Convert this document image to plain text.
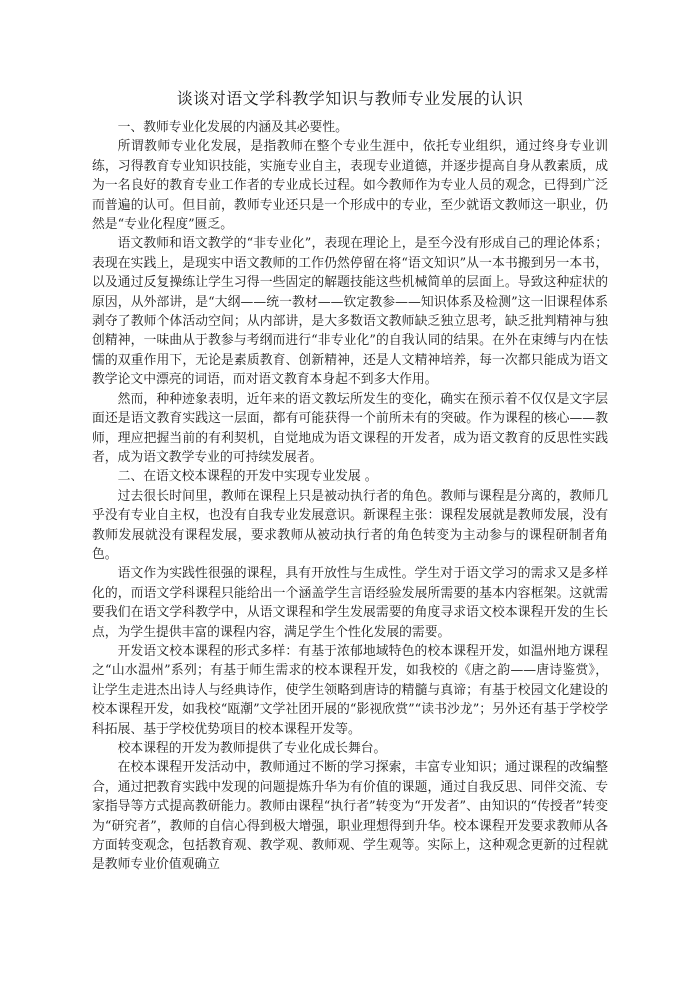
谈谈对语文学科教学知识与教师专业发展的认识

一、教师专业化发展的内涵及其必要性。

所谓教师专业化发展，是指教师在整个专业生涯中，依托专业组织，通过终身专业训练，习得教育专业知识技能，实施专业自主，表现专业道德，并逐步提高自身从教素质，成为一名良好的教育专业工作者的专业成长过程。如今教师作为专业人员的观念，已得到广泛而普遍的认可。但目前，教师专业还只是一个形成中的专业，至少就语文教师这一职业，仍然是“专业化程度”匮乏。

语文教师和语文教学的“非专业化”，表现在理论上，是至今没有形成自己的理论体系；表现在实践上，是现实中语文教师的工作仍然停留在将“语文知识”从一本书搬到另一本书，以及通过反复操练让学生习得一些固定的解题技能这些机械简单的层面上。导致这种症状的原因，从外部讲，是“大纲——统一教材——钦定教参——知识体系及检测”这一旧课程体系剥夺了教师个体活动空间；从内部讲，是大多数语文教师缺乏独立思考，缺乏批判精神与独创精神，一味曲从于教参与考纲而进行“非专业化”的自我认同的结果。在外在束缚与内在怯懦的双重作用下，无论是素质教育、创新精神，还是人文精神培养，每一次都只能成为语文教学论文中漂亮的词语，而对语文教育本身起不到多大作用。

然而，种种迹象表明，近年来的语文教坛所发生的变化，确实在预示着不仅仅是文字层面还是语文教育实践这一层面，都有可能获得一个前所未有的突破。作为课程的核心——教师，理应把握当前的有利契机，自觉地成为语文课程的开发者，成为语文教育的反思性实践者，成为语文教学专业的可持续发展者。

二、在语文校本课程的开发中实现专业发展 。

过去很长时间里，教师在课程上只是被动执行者的角色。教师与课程是分离的，教师几乎没有专业自主权，也没有自我专业发展意识。新课程主张：课程发展就是教师发展，没有教师发展就没有课程发展，要求教师从被动执行者的角色转变为主动参与的课程研制者角色。

语文作为实践性很强的课程，具有开放性与生成性。学生对于语文学习的需求又是多样化的，而语文学科课程只能给出一个涵盖学生言语经验发展所需要的基本内容框架。这就需要我们在语文学科教学中，从语文课程和学生发展需要的角度寻求语文校本课程开发的生长点，为学生提供丰富的课程内容，满足学生个性化发展的需要。

开发语文校本课程的形式多样：有基于浓郁地域特色的校本课程开发，如温州地方课程之“山水温州”系列；有基于师生需求的校本课程开发，如我校的《唐之韵——唐诗鉴赏》，让学生走进杰出诗人与经典诗作，使学生领略到唐诗的精髓与真谛；有基于校园文化建设的校本课程开发，如我校“瓯潮”文学社团开展的“影视欣赏”“读书沙龙”；另外还有基于学校学科拓展、基于学校优势项目的校本课程开发等。

校本课程的开发为教师提供了专业化成长舞台。

在校本课程开发活动中，教师通过不断的学习探索，丰富专业知识；通过课程的改编整合，通过把教育实践中发现的问题提炼升华为有价值的课题，通过自我反思、同伴交流、专家指导等方式提高教研能力。教师由课程“执行者”转变为“开发者”、由知识的“传授者”转变为“研究者”，教师的自信心得到极大增强，职业理想得到升华。校本课程开发要求教师从各方面转变观念，包括教育观、教学观、教师观、学生观等。实际上，这种观念更新的过程就是教师专业价值观确立
